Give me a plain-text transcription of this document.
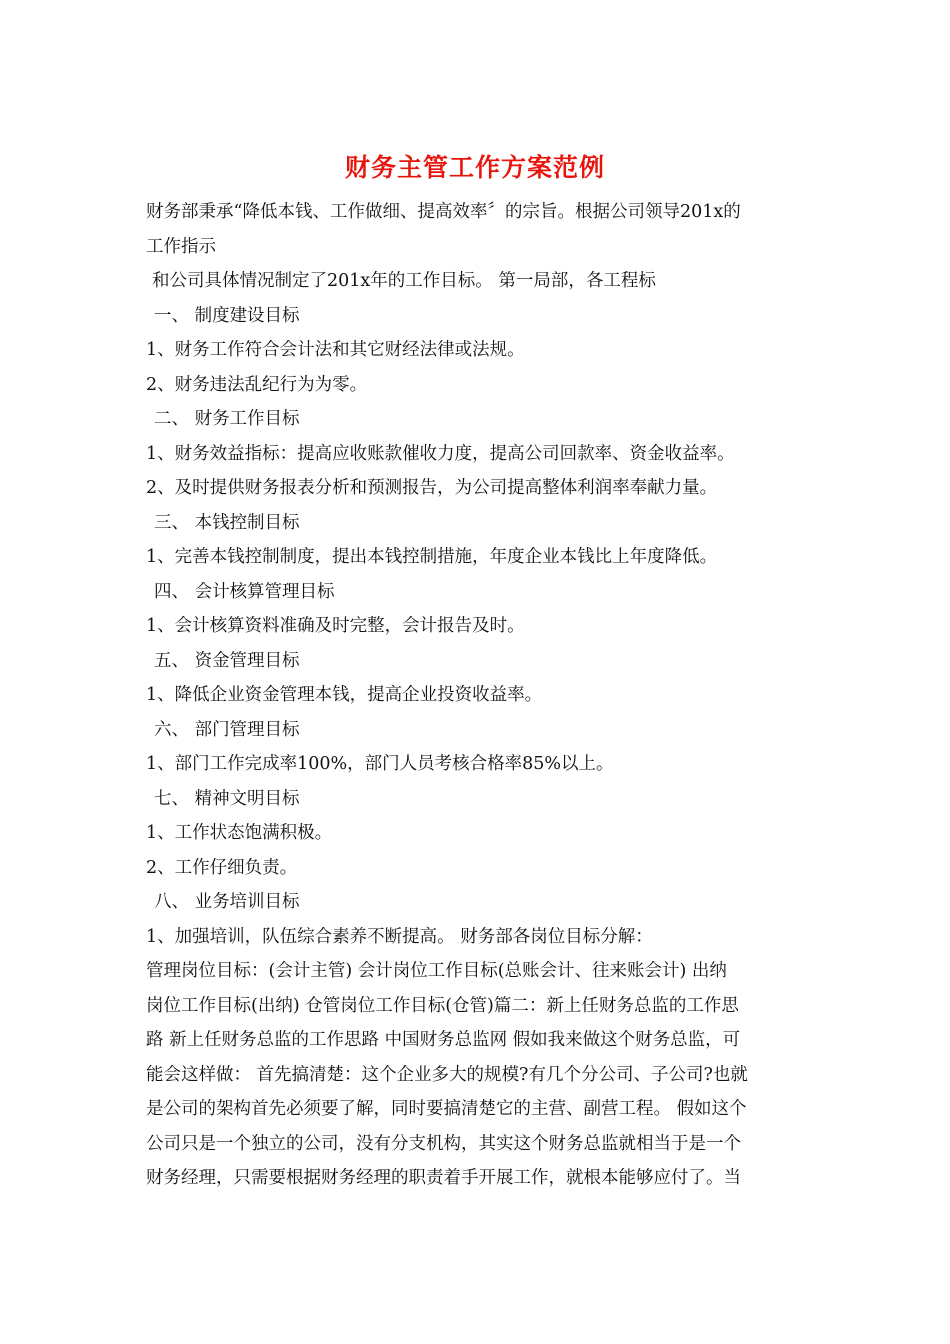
财务主管工作方案范例
财务部秉承“降低本钱、工作做细、提高效率〞的宗旨。根据公司领导201x的
工作指示
和公司具体情况制定了201x年的工作目标。 第一局部，各工程标
一、 制度建设目标
1、财务工作符合会计法和其它财经法律或法规。
2、财务违法乱纪行为为零。
二、 财务工作目标
1、财务效益指标：提高应收账款催收力度，提高公司回款率、资金收益率。
2、及时提供财务报表分析和预测报告，为公司提高整体利润率奉献力量。
三、 本钱控制目标
1、完善本钱控制制度，提出本钱控制措施，年度企业本钱比上年度降低。
四、 会计核算管理目标
1、会计核算资料准确及时完整，会计报告及时。
五、 资金管理目标
1、降低企业资金管理本钱，提高企业投资收益率。
六、 部门管理目标
1、部门工作完成率100%，部门人员考核合格率85%以上。
七、 精神文明目标
1、工作状态饱满积极。
2、工作仔细负责。
八、 业务培训目标
1、加强培训，队伍综合素养不断提高。 财务部各岗位目标分解：
管理岗位目标：(会计主管) 会计岗位工作目标(总账会计、往来账会计) 出纳
岗位工作目标(出纳) 仓管岗位工作目标(仓管)篇二：新上任财务总监的工作思
路 新上任财务总监的工作思路 中国财务总监网 假如我来做这个财务总监，可
能会这样做： 首先搞清楚：这个企业多大的规模?有几个分公司、子公司?也就
是公司的架构首先必须要了解，同时要搞清楚它的主营、副营工程。 假如这个
公司只是一个独立的公司，没有分支机构，其实这个财务总监就相当于是一个
财务经理，只需要根据财务经理的职责着手开展工作，就根本能够应付了。当
